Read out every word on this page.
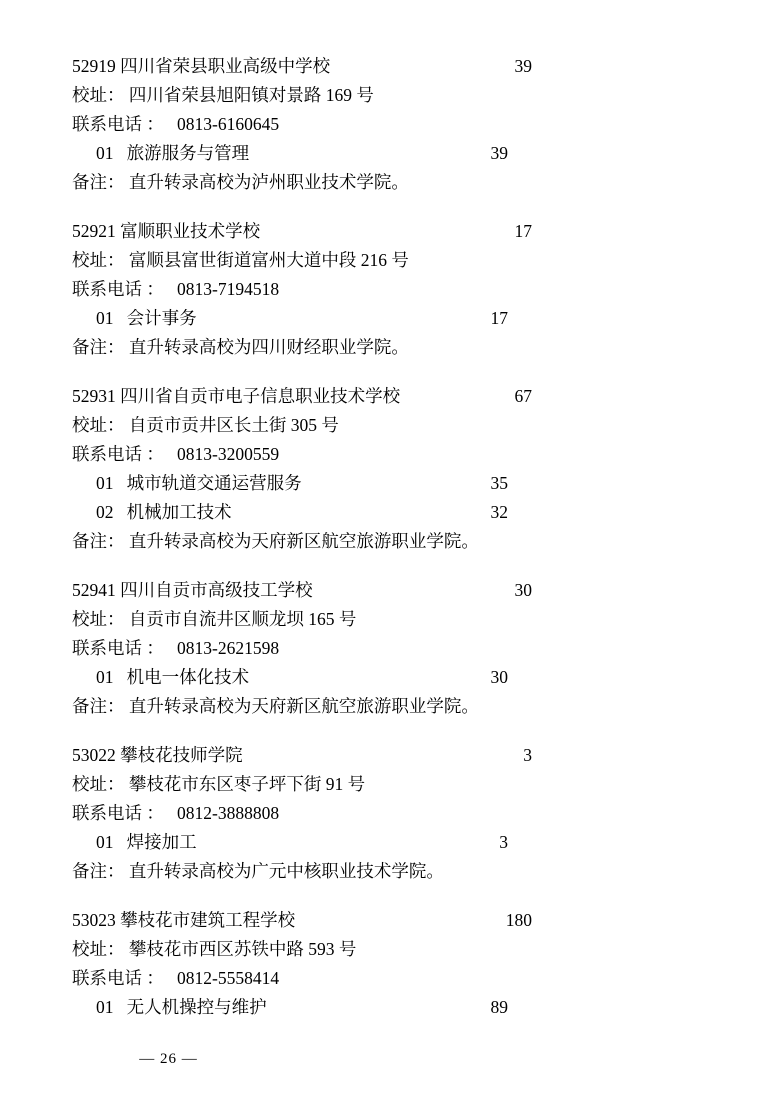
52919 四川省荣县职业高级中学校	39
校址： 四川省荣县旭阳镇对景路 169 号
联系电话 ： 0813-6160645
01 旅游服务与管理	39
备注： 直升转录高校为泸州职业技术学院。
52921 富顺职业技术学校	17
校址： 富顺县富世街道富州大道中段 216 号
联系电话 ： 0813-7194518
01 会计事务	17
备注： 直升转录高校为四川财经职业学院。
52931 四川省自贡市电子信息职业技术学校	67
校址： 自贡市贡井区长土街 305 号
联系电话 ： 0813-3200559
01 城市轨道交通运营服务	35
02 机械加工技术	32
备注： 直升转录高校为天府新区航空旅游职业学院。
52941 四川自贡市高级技工学校	30
校址： 自贡市自流井区顺龙坝 165 号
联系电话 ： 0813-2621598
01 机电一体化技术	30
备注： 直升转录高校为天府新区航空旅游职业学院。
53022 攀枝花技师学院	3
校址： 攀枝花市东区枣子坪下街 91 号
联系电话 ： 0812-3888808
01 焊接加工	3
备注： 直升转录高校为广元中核职业技术学院。
53023 攀枝花市建筑工程学校	180
校址： 攀枝花市西区苏铁中路 593 号
联系电话 ： 0812-5558414
01 无人机操控与维护	89
— 26 —
